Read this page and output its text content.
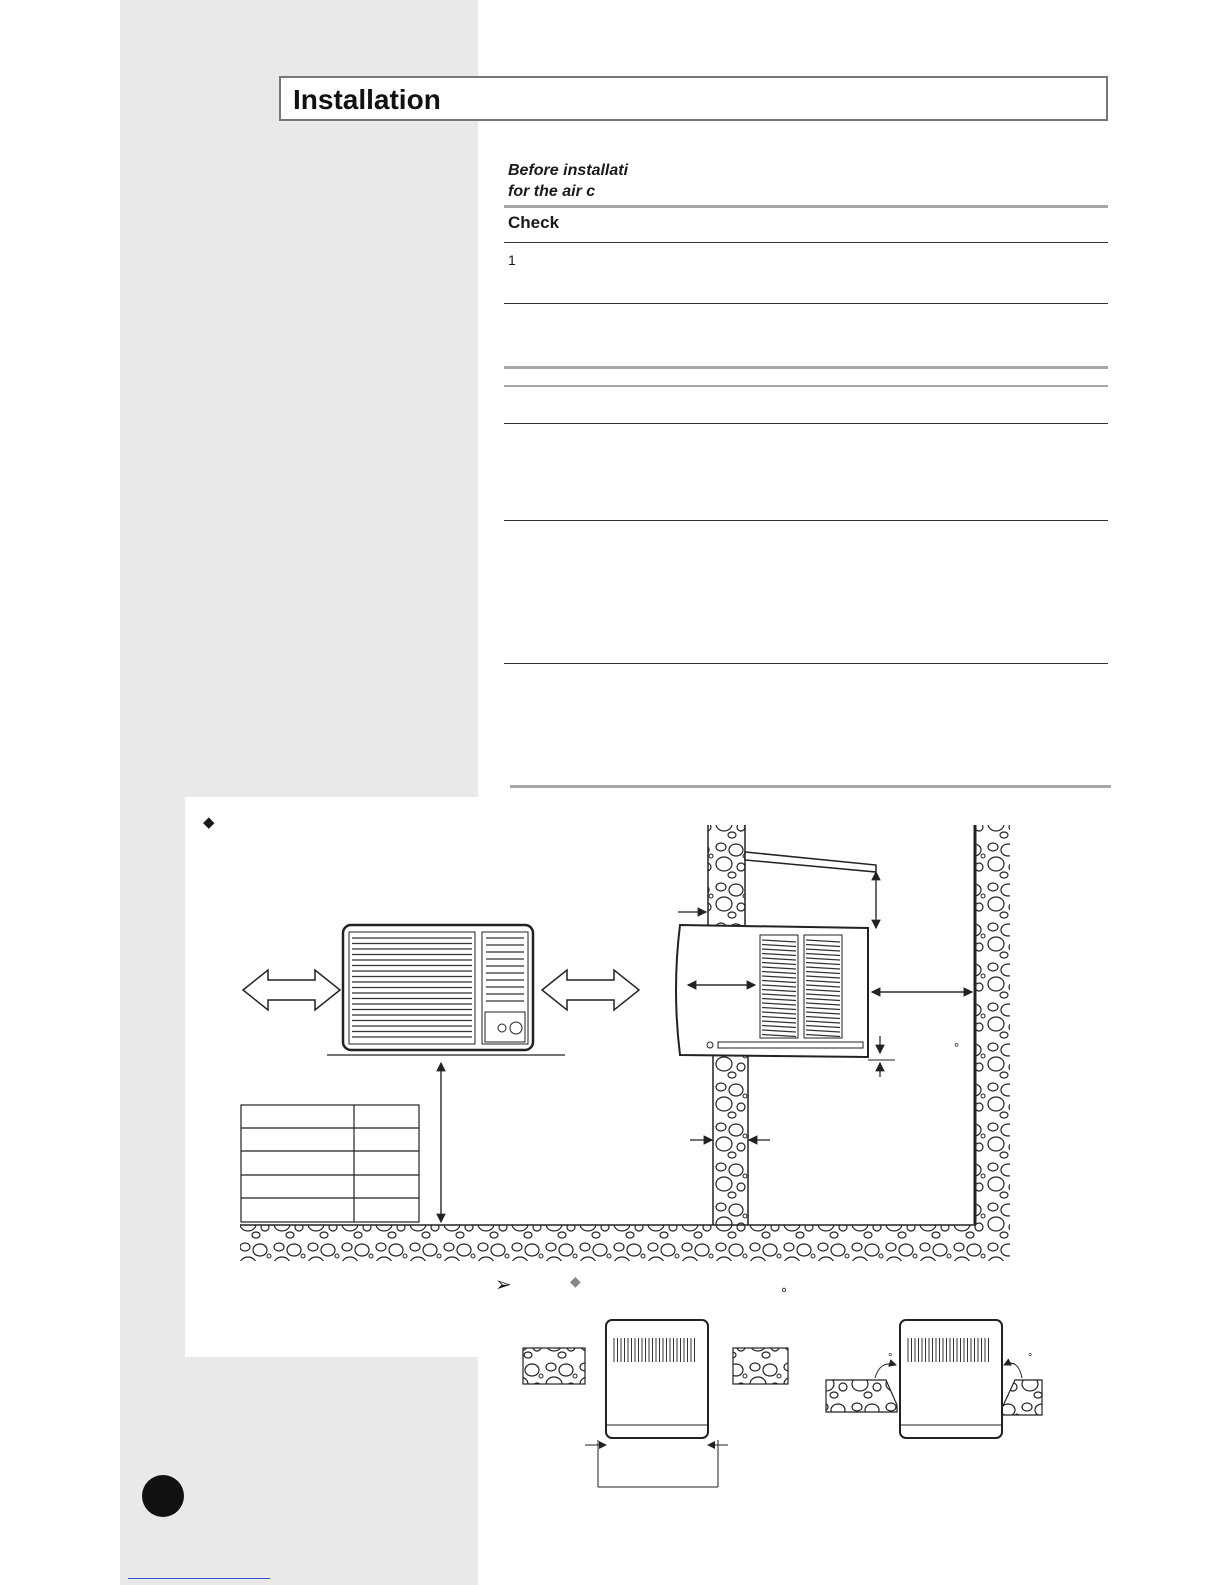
Installation
Before installati
for the air c
Check
1
◆
°
➢	◆
°
°	°
